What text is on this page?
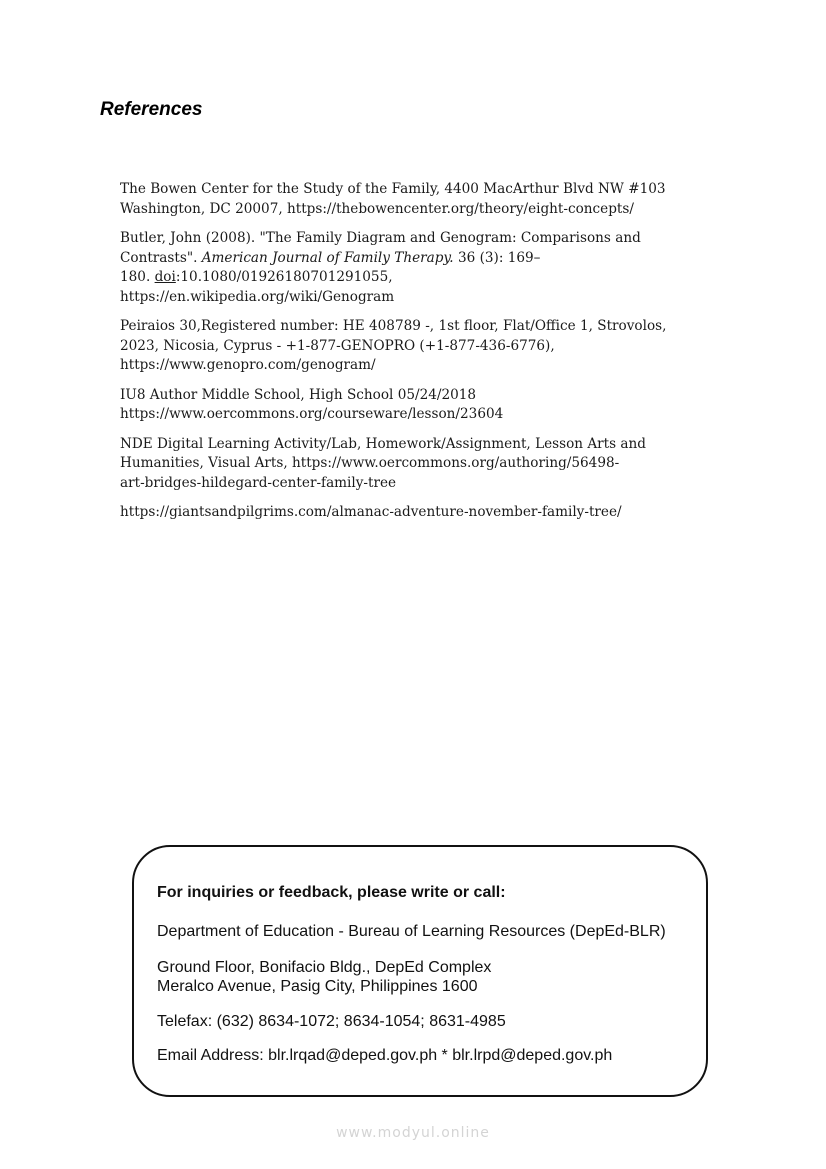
References

The Bowen Center for the Study of the Family, 4400 MacArthur Blvd NW #103
Washington, DC 20007, https://thebowencenter.org/theory/eight-concepts/

Butler, John (2008). "The Family Diagram and Genogram: Comparisons and
Contrasts". American Journal of Family Therapy. 36 (3): 169–
180. doi:10.1080/01926180701291055,
https://en.wikipedia.org/wiki/Genogram

Peiraios 30,Registered number: HE 408789 -, 1st floor, Flat/Office 1, Strovolos,
2023, Nicosia, Cyprus - +1-877-GENOPRO (+1-877-436-6776),
https://www.genopro.com/genogram/

IU8 Author Middle School, High School 05/24/2018
https://www.oercommons.org/courseware/lesson/23604

NDE Digital Learning Activity/Lab, Homework/Assignment, Lesson Arts and
Humanities, Visual Arts, https://www.oercommons.org/authoring/56498-
art-bridges-hildegard-center-family-tree

https://giantsandpilgrims.com/almanac-adventure-november-family-tree/

For inquiries or feedback, please write or call:
Department of Education - Bureau of Learning Resources (DepEd-BLR)
Ground Floor, Bonifacio Bldg., DepEd Complex
Meralco Avenue, Pasig City, Philippines 1600
Telefax: (632) 8634-1072; 8634-1054; 8631-4985
Email Address: blr.lrqad@deped.gov.ph * blr.lrpd@deped.gov.ph
www.modyul.online
